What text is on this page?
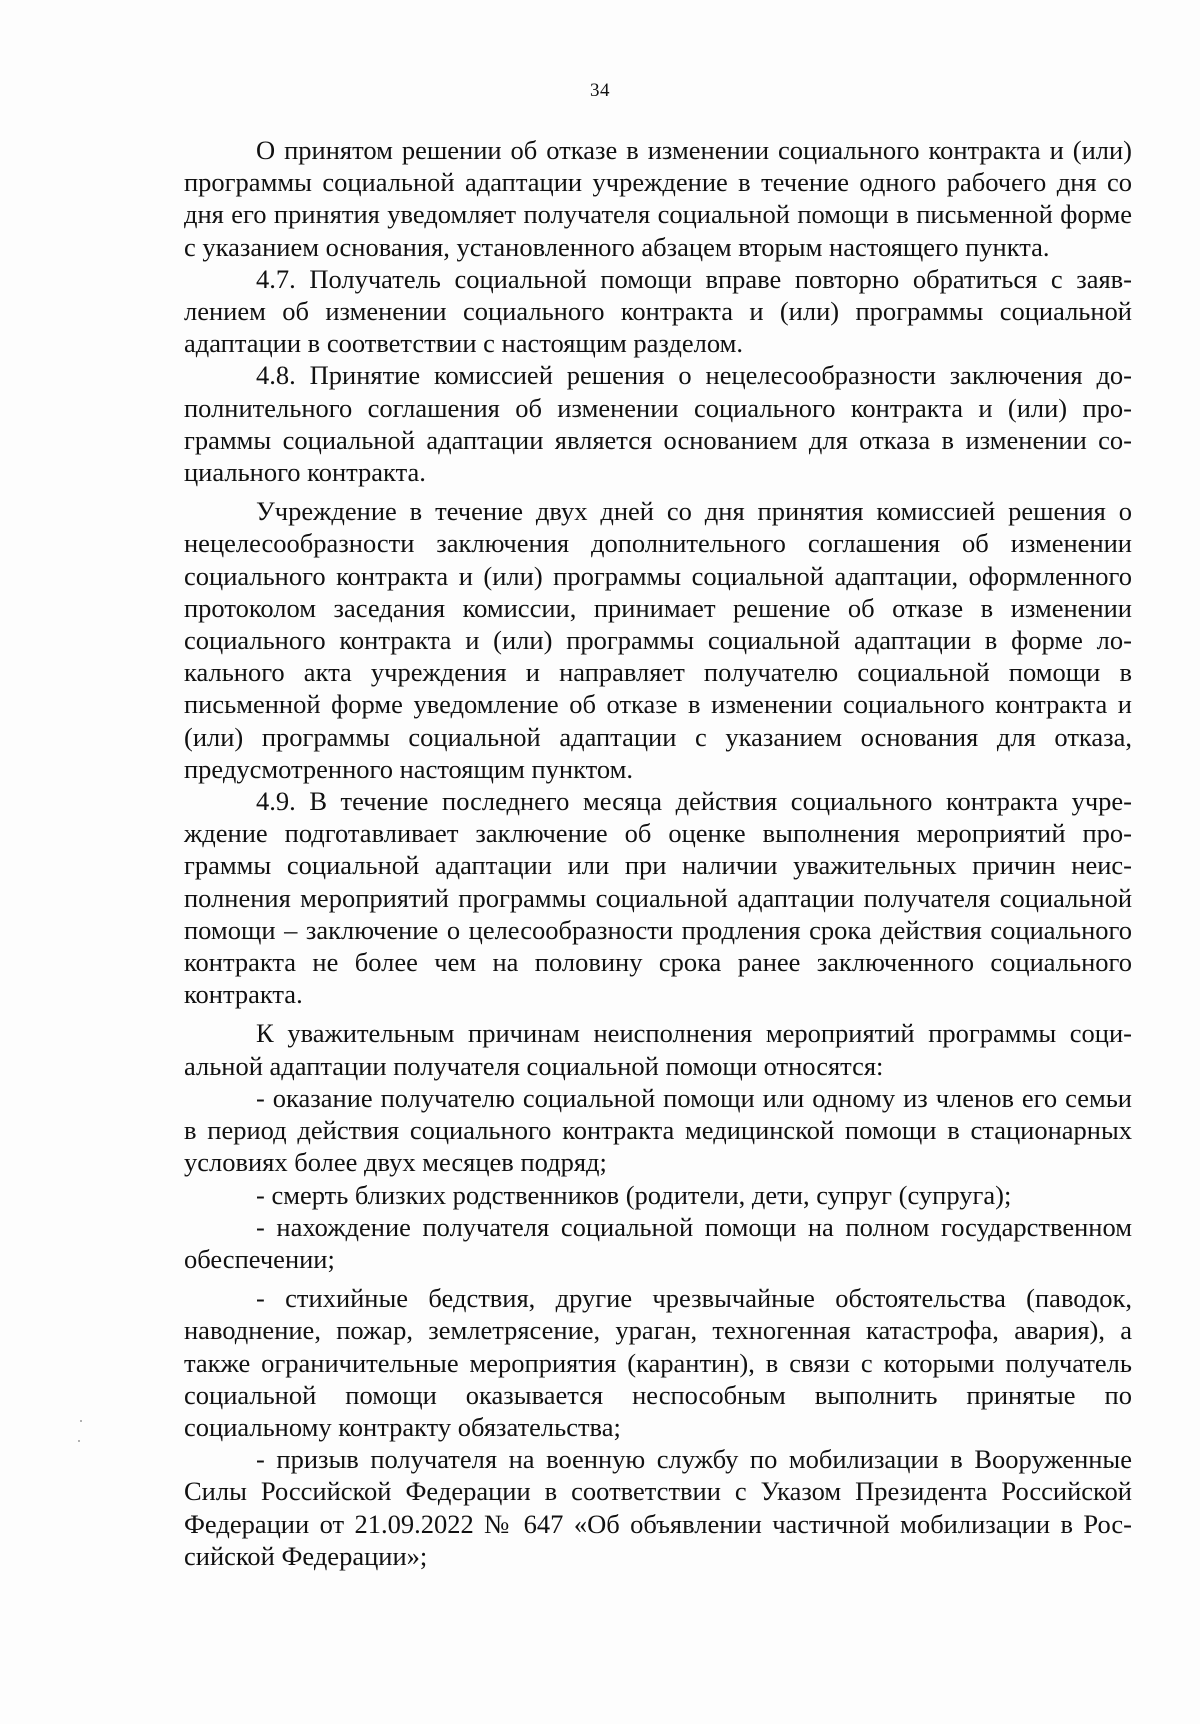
34

О принятом решении об отказе в изменении социального контракта и (или) программы социальной адаптации учреждение в течение одного рабочего дня со дня его принятия уведомляет получателя социальной помощи в письменной форме с указанием основания, установленного абзацем вторым настоящего пункта.

4.7. Получатель социальной помощи вправе повторно обратиться с заявлением об изменении социального контракта и (или) программы социальной адаптации в соответствии с настоящим разделом.

4.8. Принятие комиссией решения о нецелесообразности заключения дополнительного соглашения об изменении социального контракта и (или) программы социальной адаптации является основанием для отказа в изменении социального контракта.

Учреждение в течение двух дней со дня принятия комиссией решения о нецелесообразности заключения дополнительного соглашения об изменении социального контракта и (или) программы социальной адаптации, оформленного протоколом заседания комиссии, принимает решение об отказе в изменении социального контракта и (или) программы социальной адаптации в форме локального акта учреждения и направляет получателю социальной помощи в письменной форме уведомление об отказе в изменении социального контракта и (или) программы социальной адаптации с указанием основания для отказа, предусмотренного настоящим пунктом.

4.9. В течение последнего месяца действия социального контракта учреждение подготавливает заключение об оценке выполнения мероприятий программы социальной адаптации или при наличии уважительных причин неисполнения мероприятий программы социальной адаптации получателя социальной помощи – заключение о целесообразности продления срока действия социального контракта не более чем на половину срока ранее заключенного социального контракта.

К уважительным причинам неисполнения мероприятий программы социальной адаптации получателя социальной помощи относятся:

- оказание получателю социальной помощи или одному из членов его семьи в период действия социального контракта медицинской помощи в стационарных условиях более двух месяцев подряд;

- смерть близких родственников (родители, дети, супруг (супруга);

- нахождение получателя социальной помощи на полном государственном обеспечении;

- стихийные бедствия, другие чрезвычайные обстоятельства (паводок, наводнение, пожар, землетрясение, ураган, техногенная катастрофа, авария), а также ограничительные мероприятия (карантин), в связи с которыми получатель социальной помощи оказывается неспособным выполнить принятые по социальному контракту обязательства;

- призыв получателя на военную службу по мобилизации в Вооруженные Силы Российской Федерации в соответствии с Указом Президента Российской Федерации от 21.09.2022 № 647 «Об объявлении частичной мобилизации в Российской Федерации»;
